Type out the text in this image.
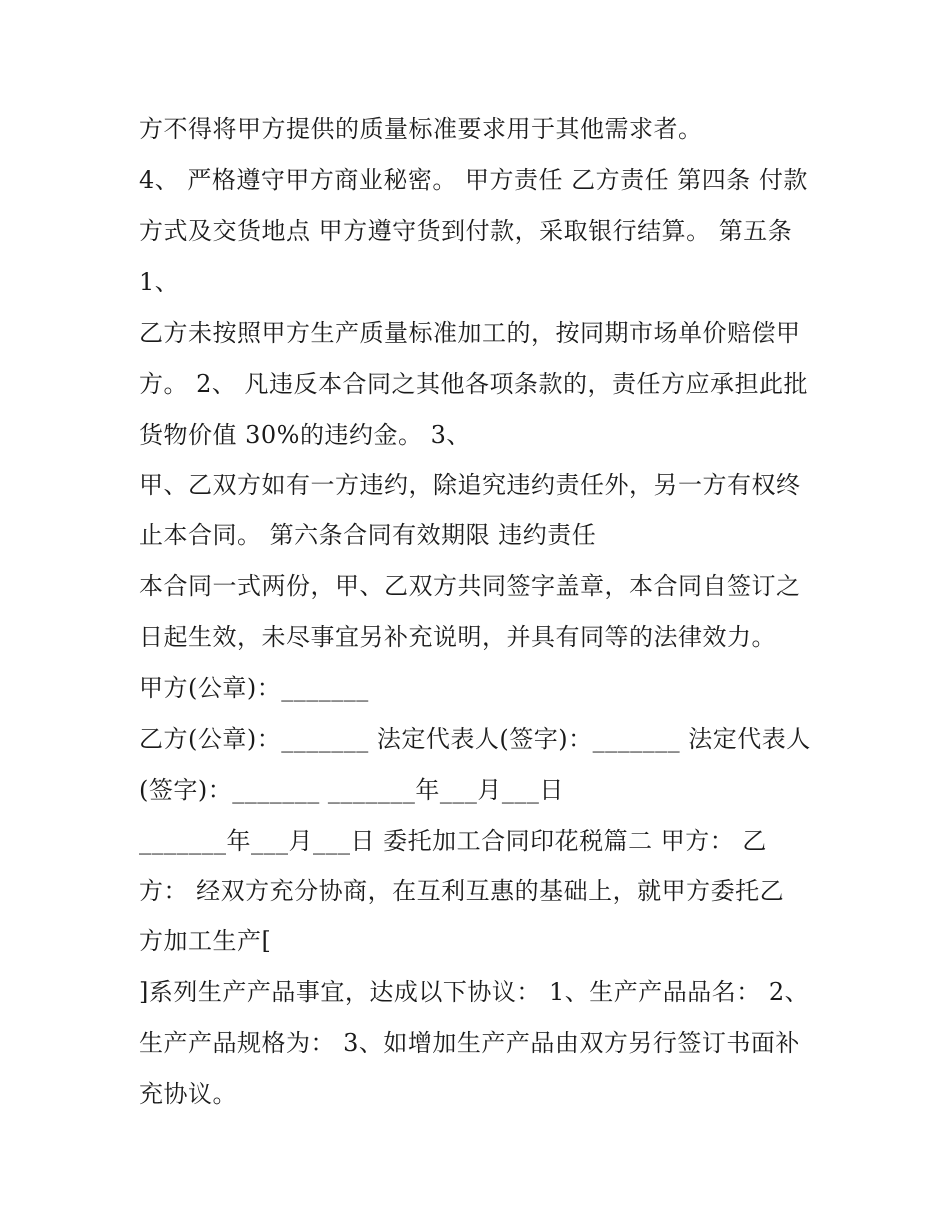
方不得将甲方提供的质量标准要求用于其他需求者。
4、 严格遵守甲方商业秘密。 甲方责任 乙方责任 第四条 付款
方式及交货地点 甲方遵守货到付款，采取银行结算。 第五条
1、
乙方未按照甲方生产质量标准加工的，按同期市场单价赔偿甲
方。 2、 凡违反本合同之其他各项条款的，责任方应承担此批
货物价值 30%的违约金。 3、
甲、乙双方如有一方违约，除追究违约责任外，另一方有权终
止本合同。 第六条合同有效期限 违约责任
本合同一式两份，甲、乙双方共同签字盖章，本合同自签订之
日起生效，未尽事宜另补充说明，并具有同等的法律效力。
甲方(公章)：_______
乙方(公章)：_______ 法定代表人(签字)：_______ 法定代表人
(签字)：_______ _______年___月___日
_______年___月___日 委托加工合同印花税篇二 甲方： 乙
方： 经双方充分协商，在互利互惠的基础上，就甲方委托乙
方加工生产[
]系列生产产品事宜，达成以下协议： 1、生产产品品名： 2、
生产产品规格为： 3、如增加生产产品由双方另行签订书面补
充协议。
